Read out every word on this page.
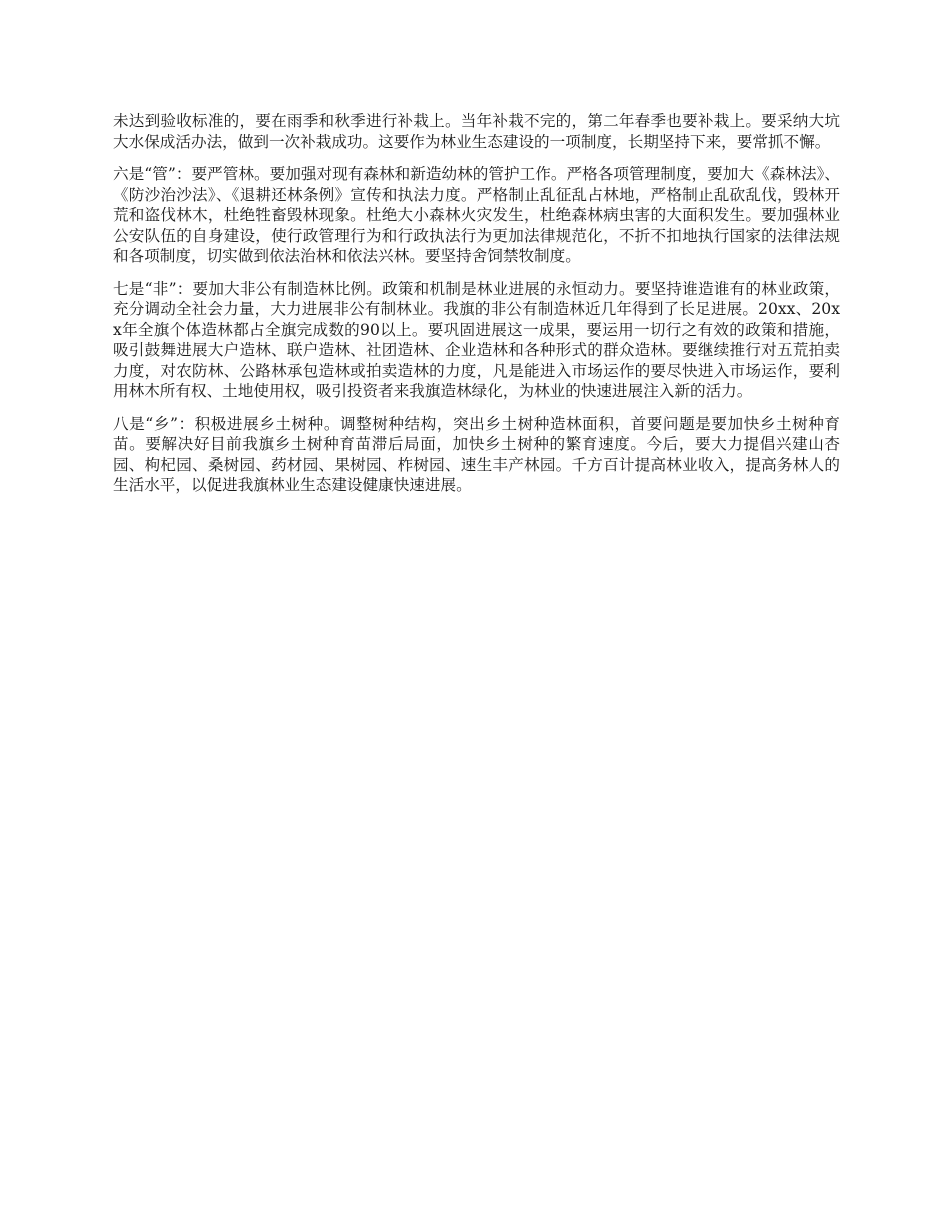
未达到验收标准的，要在雨季和秋季进行补栽上。当年补栽不完的，第二年春季也要补栽上。要采纳大坑大水保成活办法，做到一次补栽成功。这要作为林业生态建设的一项制度，长期坚持下来，要常抓不懈。

六是“管”：要严管林。要加强对现有森林和新造幼林的管护工作。严格各项管理制度，要加大《森林法》、《防沙治沙法》、《退耕还林条例》宣传和执法力度。严格制止乱征乱占林地，严格制止乱砍乱伐，毁林开荒和盗伐林木，杜绝牲畜毁林现象。杜绝大小森林火灾发生，杜绝森林病虫害的大面积发生。要加强林业公安队伍的自身建设，使行政管理行为和行政执法行为更加法律规范化，不折不扣地执行国家的法律法规和各项制度，切实做到依法治林和依法兴林。要坚持舍饲禁牧制度。

七是“非”：要加大非公有制造林比例。政策和机制是林业进展的永恒动力。要坚持谁造谁有的林业政策，充分调动全社会力量，大力进展非公有制林业。我旗的非公有制造林近几年得到了长足进展。20xx、20xx年全旗个体造林都占全旗完成数的90以上。要巩固进展这一成果，要运用一切行之有效的政策和措施，吸引鼓舞进展大户造林、联户造林、社团造林、企业造林和各种形式的群众造林。要继续推行对五荒拍卖力度，对农防林、公路林承包造林或拍卖造林的力度，凡是能进入市场运作的要尽快进入市场运作，要利用林木所有权、土地使用权，吸引投资者来我旗造林绿化，为林业的快速进展注入新的活力。

八是“乡”：积极进展乡土树种。调整树种结构，突出乡土树种造林面积，首要问题是要加快乡土树种育苗。要解决好目前我旗乡土树种育苗滞后局面，加快乡土树种的繁育速度。今后，要大力提倡兴建山杏园、枸杞园、桑树园、药材园、果树园、柞树园、速生丰产林园。千方百计提高林业收入，提高务林人的生活水平，以促进我旗林业生态建设健康快速进展。
